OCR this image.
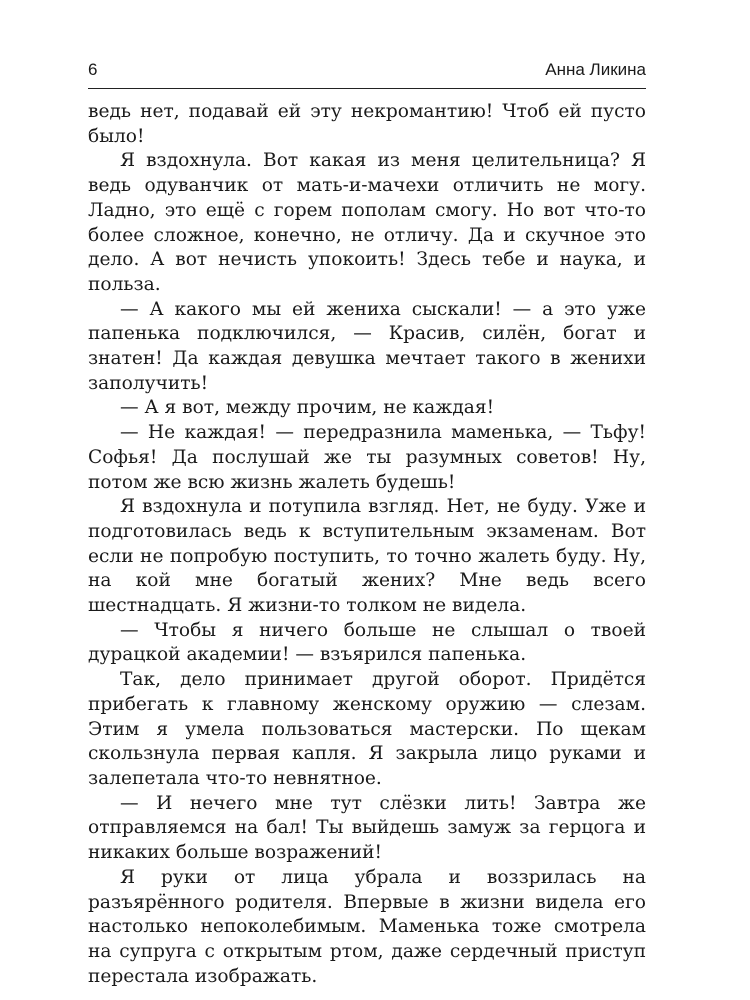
6	Анна Ликина

ведь нет, подавай ей эту некромантию! Чтоб ей пусто было!

Я вздохнула. Вот какая из меня целительница? Я ведь одуванчик от мать-и-мачехи отличить не могу. Ладно, это ещё с горем пополам смогу. Но вот что-то более сложное, конечно, не отличу. Да и скучное это дело. А вот нечисть упокоить! Здесь тебе и наука, и польза.

— А какого мы ей жениха сыскали! — а это уже папенька подключился, — Красив, силён, богат и знатен! Да каждая девушка мечтает такого в женихи заполучить!

— А я вот, между прочим, не каждая!

— Не каждая! — передразнила маменька, — Тьфу! Софья! Да послушай же ты разумных советов! Ну, потом же всю жизнь жалеть будешь!

Я вздохнула и потупила взгляд. Нет, не буду. Уже и подготовилась ведь к вступительным экзаменам. Вот если не попробую поступить, то точно жалеть буду. Ну, на кой мне богатый жених? Мне ведь всего шестнадцать. Я жизни-то толком не видела.

— Чтобы я ничего больше не слышал о твоей дурацкой академии! — взъярился папенька.

Так, дело принимает другой оборот. Придётся прибегать к главному женскому оружию — слезам. Этим я умела пользоваться мастерски. По щекам скользнула первая капля. Я закрыла лицо руками и залепетала что-то невнятное.

— И нечего мне тут слёзки лить! Завтра же отправляемся на бал! Ты выйдешь замуж за герцога и никаких больше возражений!

Я руки от лица убрала и воззрилась на разъярённого родителя. Впервые в жизни видела его настолько непоколебимым. Маменька тоже смотрела на супруга с открытым ртом, даже сердечный приступ перестала изображать.
